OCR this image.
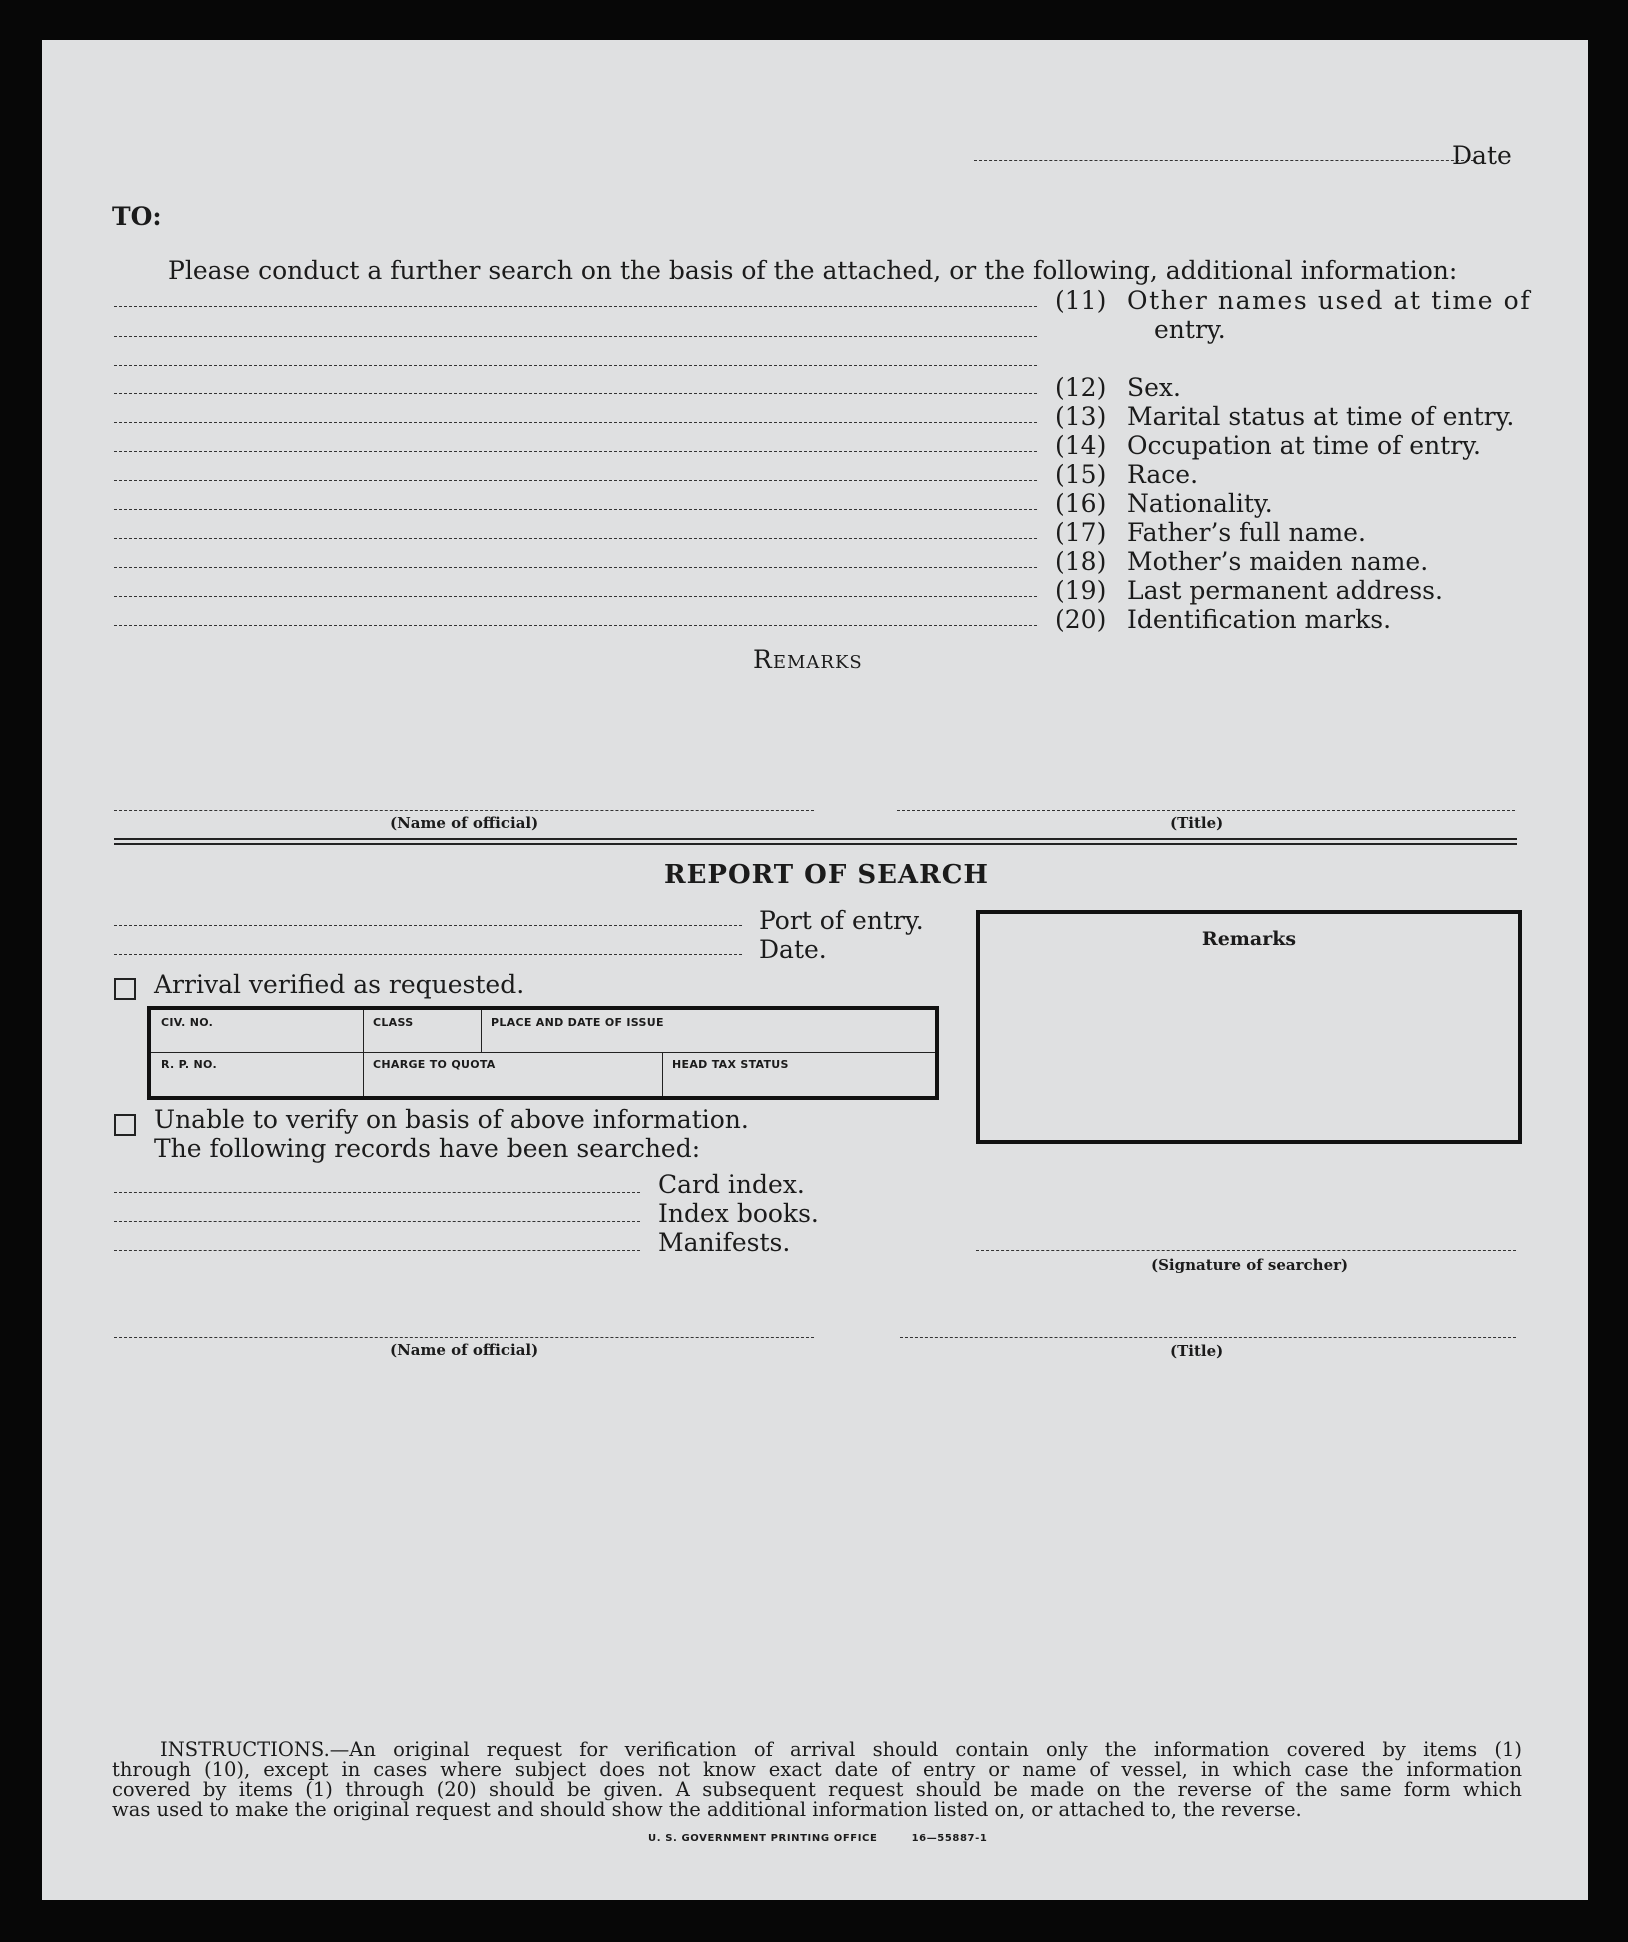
Date
TO:
Please conduct a further search on the basis of the attached, or the following, additional information:
(11) Other names used at time of
entry.
(12) Sex.
(13) Marital status at time of entry.
(14) Occupation at time of entry.
(15) Race.
(16) Nationality.
(17) Father’s full name.
(18) Mother’s maiden name.
(19) Last permanent address.
(20) Identification marks.
Remarks
(Name of official)	(Title)
REPORT OF SEARCH
Port of entry.
Date.
Arrival verified as requested.
CIV. NO.	CLASS	PLACE AND DATE OF ISSUE
R. P. NO.	CHARGE TO QUOTA	HEAD TAX STATUS
Remarks
Unable to verify on basis of above information.
The following records have been searched:
Card index.
Index books.
Manifests.
(Signature of searcher)
(Name of official)	(Title)

INSTRUCTIONS.—An original request for verification of arrival should contain only the information covered by items (1)

through (10), except in cases where subject does not know exact date of entry or name of vessel, in which case the information

covered by items (1) through (20) should be given. A subsequent request should be made on the reverse of the same form which

was used to make the original request and should show the additional information listed on, or attached to, the reverse.

U. S. GOVERNMENT PRINTING OFFICE	16—55887-1
